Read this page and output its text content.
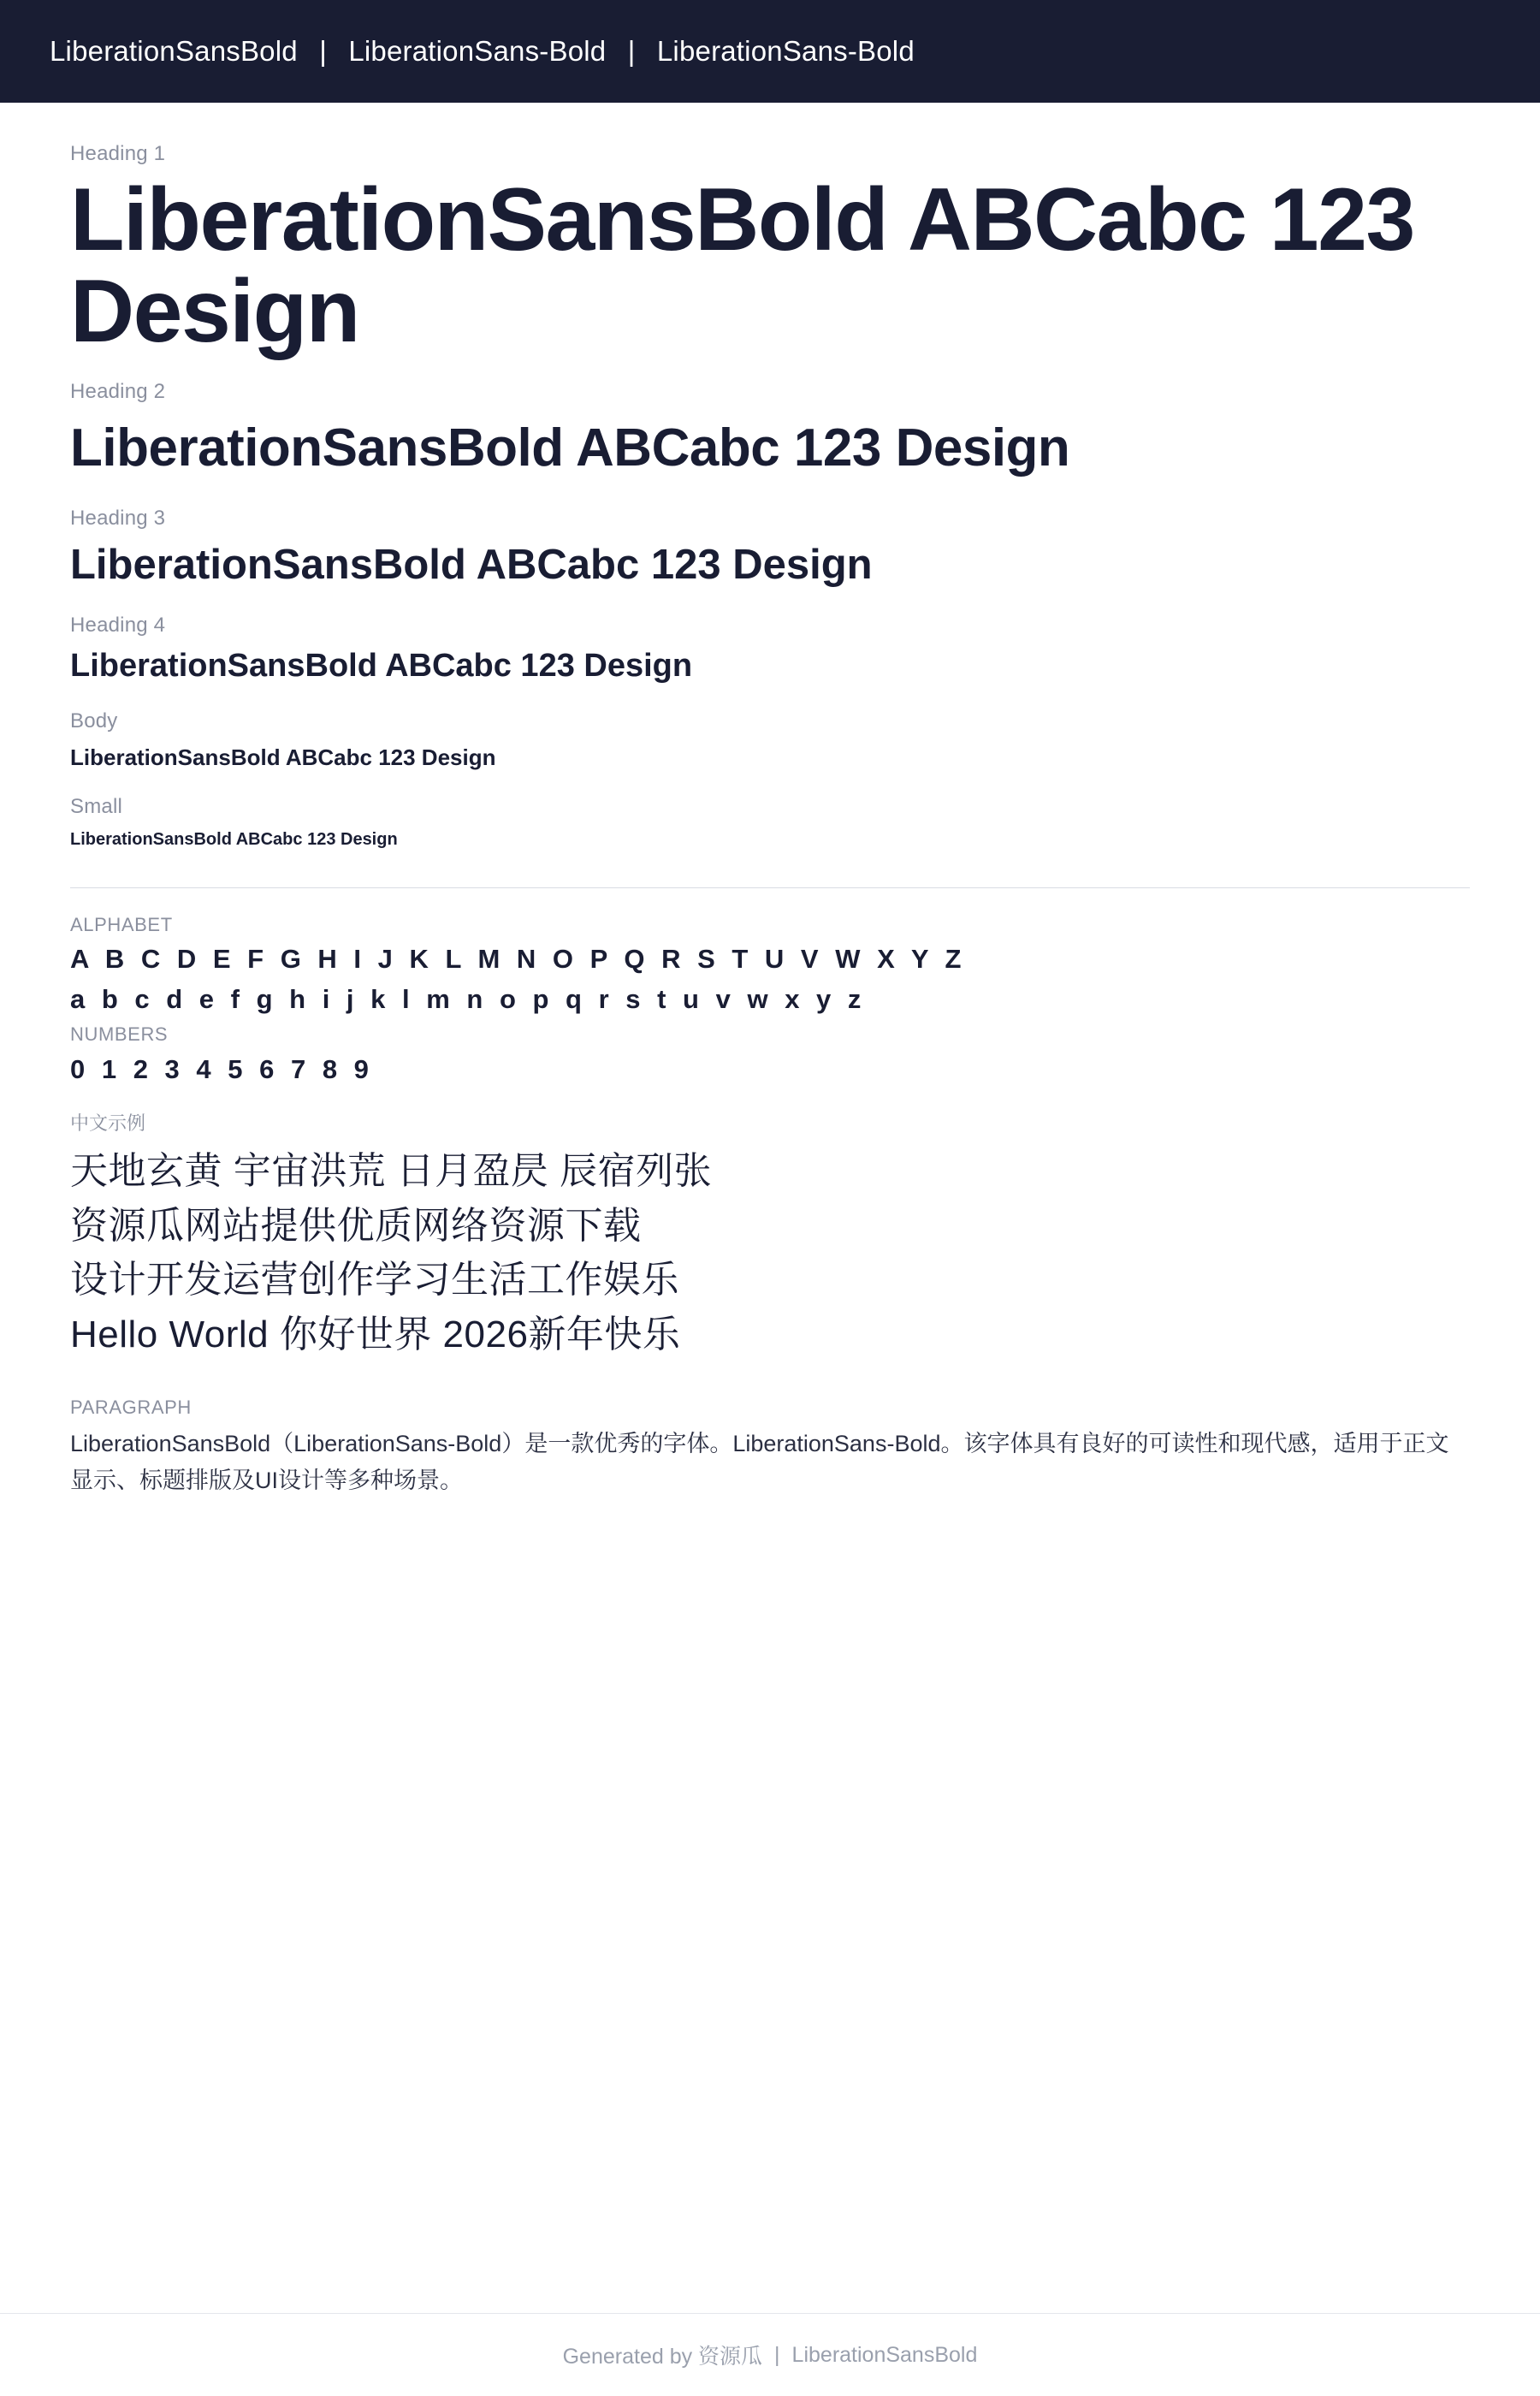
LiberationSansBold | LiberationSans-Bold | LiberationSans-Bold
Heading 1
LiberationSansBold ABCabc 123 Design
Heading 2
LiberationSansBold ABCabc 123 Design
Heading 3
LiberationSansBold ABCabc 123 Design
Heading 4
LiberationSansBold ABCabc 123 Design
Body
LiberationSansBold ABCabc 123 Design
Small
LiberationSansBold ABCabc 123 Design
ALPHABET
A B C D E F G H I J K L M N O P Q R S T U V W X Y Z
a b c d e f g h i j k l m n o p q r s t u v w x y z
NUMBERS
0 1 2 3 4 5 6 7 8 9
中文示例
天地玄黄 宇宙洪荒 日月盈昃 辰宿列张
资源瓜网站提供优质网络资源下载
设计开发运营创作学习生活工作娱乐
Hello World 你好世界 2026新年快乐
PARAGRAPH
LiberationSansBold（LiberationSans-Bold）是一款优秀的字体。LiberationSans-Bold。该字体具有良好的可读性和现代感，适用于正文显示、标题排版及UI设计等多种场景。
Generated by 资源瓜 | LiberationSansBold
